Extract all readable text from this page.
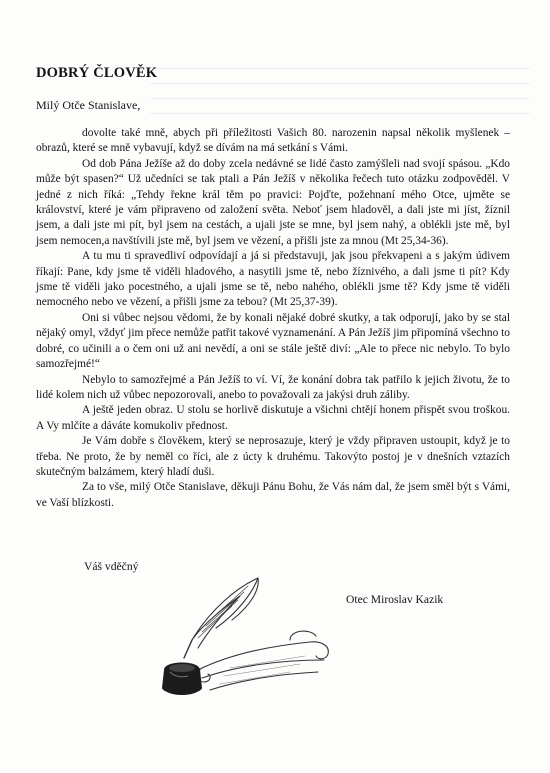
DOBRÝ ČLOVĚK
Milý Otče Stanislave,

dovolte také mně, abych při příležitosti Vašich 80. narozenin napsal několik myšlenek – obrazů, které se mně vybavují, když se dívám na má setkání s Vámi.

Od dob Pána Ježíše až do doby zcela nedávné se lidé často zamýšleli nad svojí spásou. „Kdo může být spasen?“ Už učedníci se tak ptali a Pán Ježíš v několika řečech tuto otázku zodpověděl. V jedné z nich říká: „Tehdy řekne král těm po pravici: Pojďte, požehnaní mého Otce, ujměte se království, které je vám připraveno od založení světa. Neboť jsem hladověl, a dali jste mi jíst, žíznil jsem, a dali jste mi pít, byl jsem na cestách, a ujali jste se mne, byl jsem nahý, a oblékli jste mě, byl jsem nemocen,a navštívili jste mě, byl jsem ve vězení, a přišli jste za mnou (Mt 25,34-36).

A tu mu ti spravedliví odpovídají a já si představuji, jak jsou překvapeni a s jakým údivem říkají: Pane, kdy jsme tě viděli hladového, a nasytili jsme tě, nebo žíznivého, a dali jsme ti pít? Kdy jsme tě viděli jako pocestného, a ujali jsme se tě, nebo nahého, oblékli jsme tě? Kdy jsme tě viděli nemocného nebo ve vězení, a přišli jsme za tebou? (Mt 25,37-39).

Oni si vůbec nejsou vědomi, že by konali nějaké dobré skutky, a tak odporují, jako by se stal nějaký omyl, vždyť jim přece nemůže patřit takové vyznamenání. A Pán Ježíš jim připomíná všechno to dobré, co učinili a o čem oni už ani nevědí, a oni se stále ještě diví: „Ale to přece nic nebylo. To bylo samozřejmé!“

Nebylo to samozřejmé a Pán Ježíš to ví. Ví, že konání dobra tak patřilo k jejich životu, že to lidé kolem nich už vůbec nepozorovali, anebo to považovali za jakýsi druh záliby.

A ještě jeden obraz. U stolu se horlivě diskutuje a všichni chtějí honem přispět svou troškou. A Vy mlčíte a dáváte komukoliv přednost.

Je Vám dobře s člověkem, který se neprosazuje, který je vždy připraven ustoupit, když je to třeba. Ne proto, že by neměl co říci, ale z úcty k druhému. Takovýto postoj je v dnešních vztazích skutečným balzámem, který hladí duši.

Za to vše, milý Otče Stanislave, děkuji Pánu Bohu, že Vás nám dal, že jsem směl být s Vámi, ve Vaší blízkosti.

Váš vděčný
Otec Miroslav Kazik
